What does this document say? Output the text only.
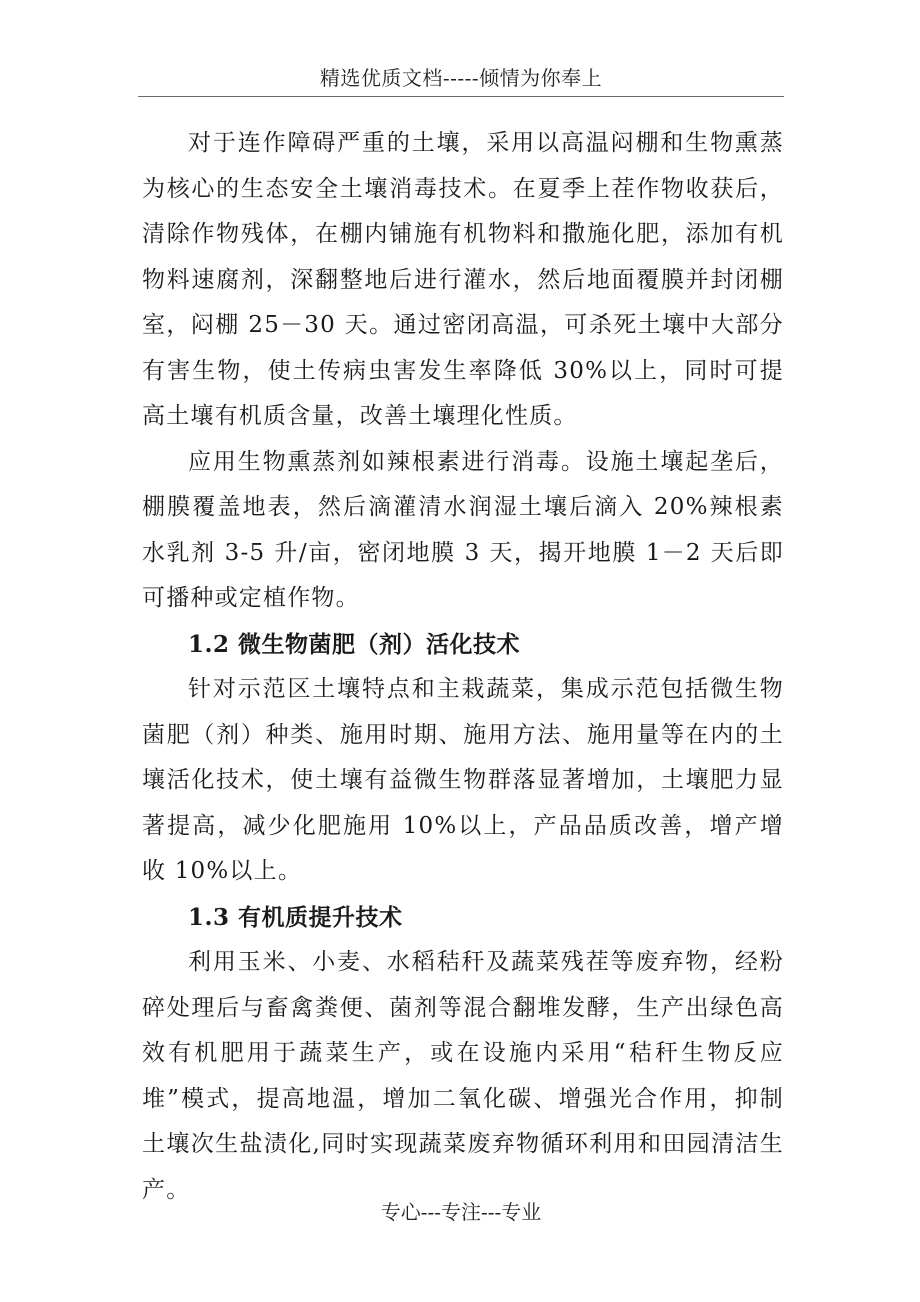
精选优质文档-----倾情为你奉上

对于连作障碍严重的土壤，采用以高温闷棚和生物熏蒸为核心的生态安全土壤消毒技术。在夏季上茬作物收获后，清除作物残体，在棚内铺施有机物料和撒施化肥，添加有机物料速腐剂，深翻整地后进行灌水，然后地面覆膜并封闭棚室，闷棚 25－30 天。通过密闭高温，可杀死土壤中大部分有害生物，使土传病虫害发生率降低 30%以上，同时可提高土壤有机质含量，改善土壤理化性质。

应用生物熏蒸剂如辣根素进行消毒。设施土壤起垄后，棚膜覆盖地表，然后滴灌清水润湿土壤后滴入 20%辣根素水乳剂 3-5 升/亩，密闭地膜 3 天，揭开地膜 1－2 天后即可播种或定植作物。

1.2 微生物菌肥（剂）活化技术

针对示范区土壤特点和主栽蔬菜，集成示范包括微生物菌肥（剂）种类、施用时期、施用方法、施用量等在内的土壤活化技术，使土壤有益微生物群落显著增加，土壤肥力显著提高，减少化肥施用 10%以上，产品品质改善，增产增收 10%以上。

1.3 有机质提升技术

利用玉米、小麦、水稻秸秆及蔬菜残茬等废弃物，经粉碎处理后与畜禽粪便、菌剂等混合翻堆发酵，生产出绿色高效有机肥用于蔬菜生产，或在设施内采用“秸秆生物反应堆”模式，提高地温，增加二氧化碳、增强光合作用，抑制土壤次生盐渍化,同时实现蔬菜废弃物循环利用和田园清洁生产。

专心---专注---专业
